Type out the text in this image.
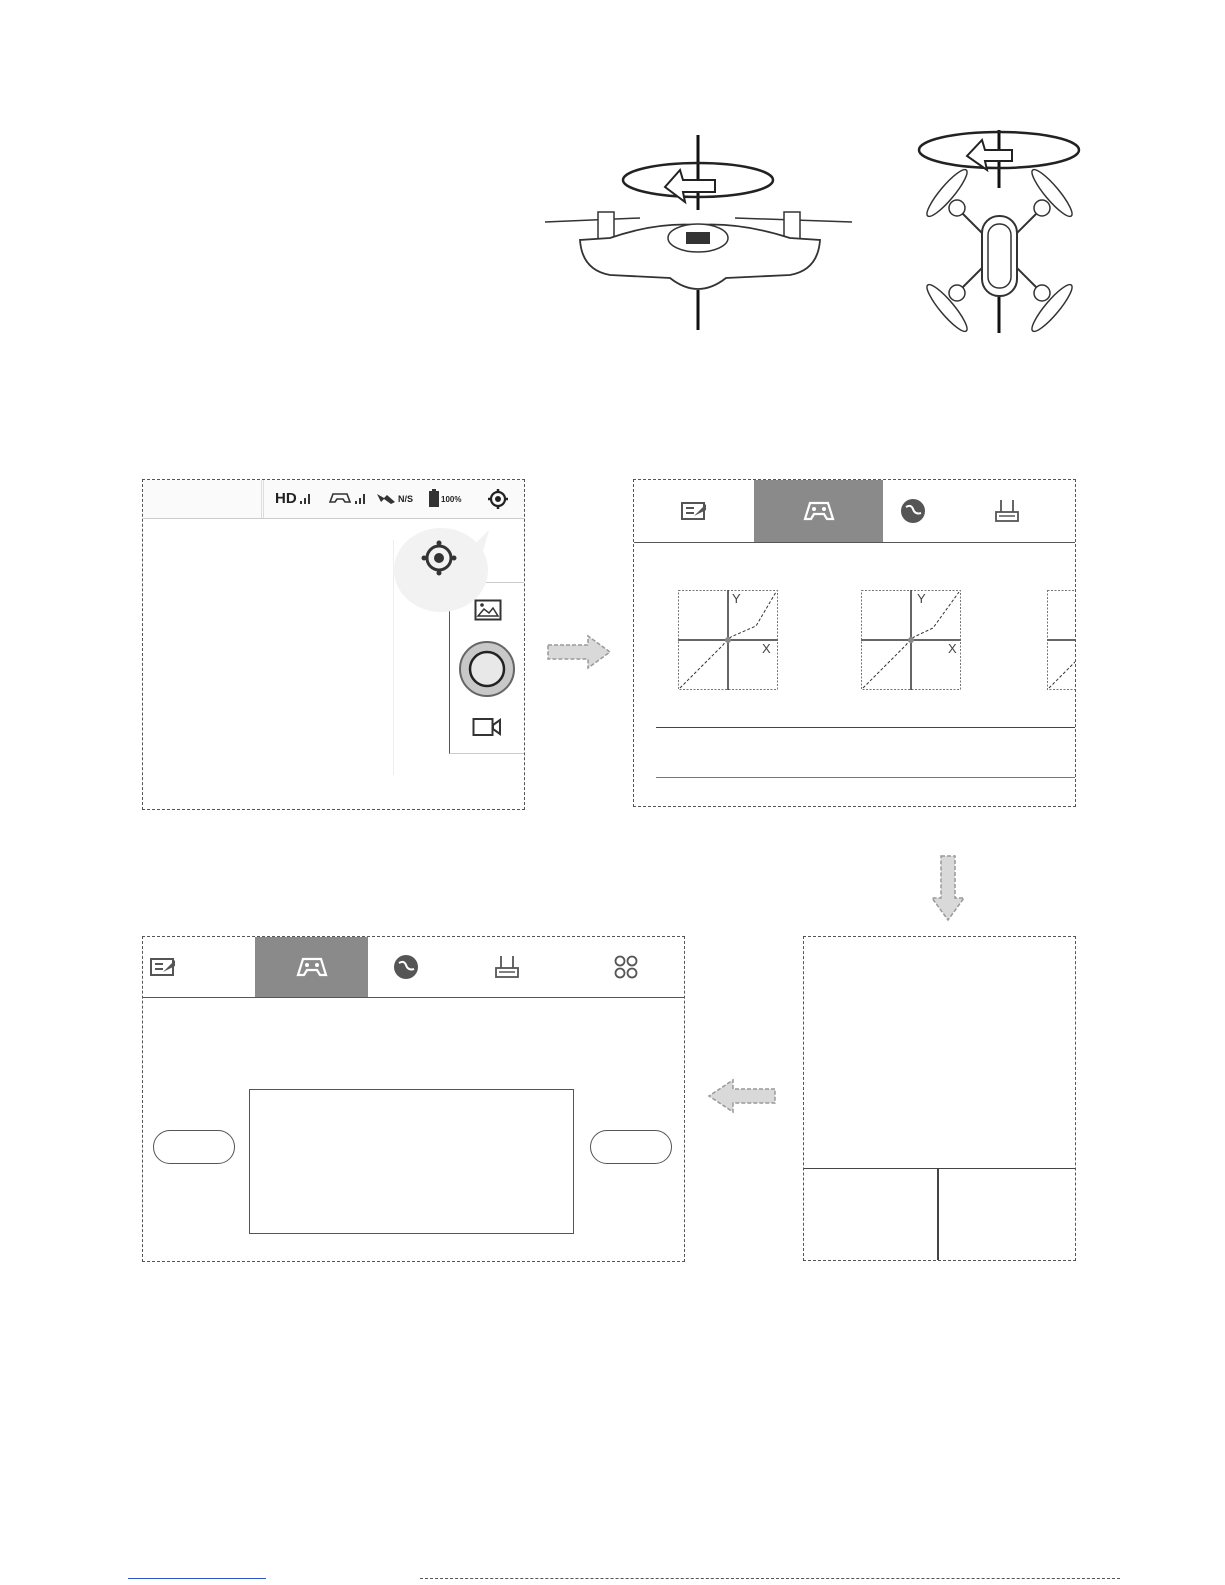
HD	N/S	100%
Y
X
Y
X
